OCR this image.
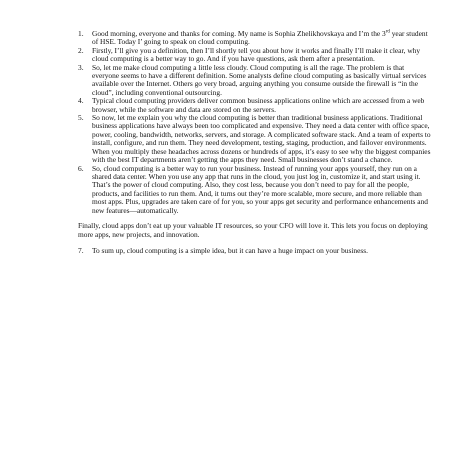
1. Good morning, everyone and thanks for coming. My name is Sophia Zhelikhovskaya and I’m the 3rd year student of HSE. Today I’ going to speak on cloud computing.

2. Firstly, I’ll give you a definition, then I’ll shortly tell you about how it works and finally I’ll make it clear, why cloud computing is a better way to go. And if you have questions, ask them after a presentation.

3. So, let me make cloud computing a little less cloudy. Cloud computing is all the rage. The problem is that everyone seems to have a different definition. Some analysts define cloud computing as basically virtual services available over the Internet. Others go very broad, arguing anything you consume outside the firewall is “in the cloud”, including conventional outsourcing.

4. Typical cloud computing providers deliver common business applications online which are accessed from a web browser, while the software and data are stored on the servers.

5. So now, let me explain you why the cloud computing is better than traditional business applications. Traditional business applications have always been too complicated and expensive. They need a data center with office space, power, cooling, bandwidth, networks, servers, and storage. A complicated software stack. And a team of experts to install, configure, and run them. They need development, testing, staging, production, and failover environments. When you multiply these headaches across dozens or hundreds of apps, it’s easy to see why the biggest companies with the best IT departments aren’t getting the apps they need. Small businesses don’t stand a chance.

6. So, cloud computing is a better way to run your business. Instead of running your apps yourself, they run on a shared data center. When you use any app that runs in the cloud, you just log in, customize it, and start using it. That’s the power of cloud computing. Also, they cost less, because you don’t need to pay for all the people, products, and facilities to run them. And, it turns out they’re more scalable, more secure, and more reliable than most apps. Plus, upgrades are taken care of for you, so your apps get security and performance enhancements and new features—automatically.

Finally, cloud apps don’t eat up your valuable IT resources, so your CFO will love it. This lets you focus on deploying more apps, new projects, and innovation.

7. To sum up, cloud computing is a simple idea, but it can have a huge impact on your business.
